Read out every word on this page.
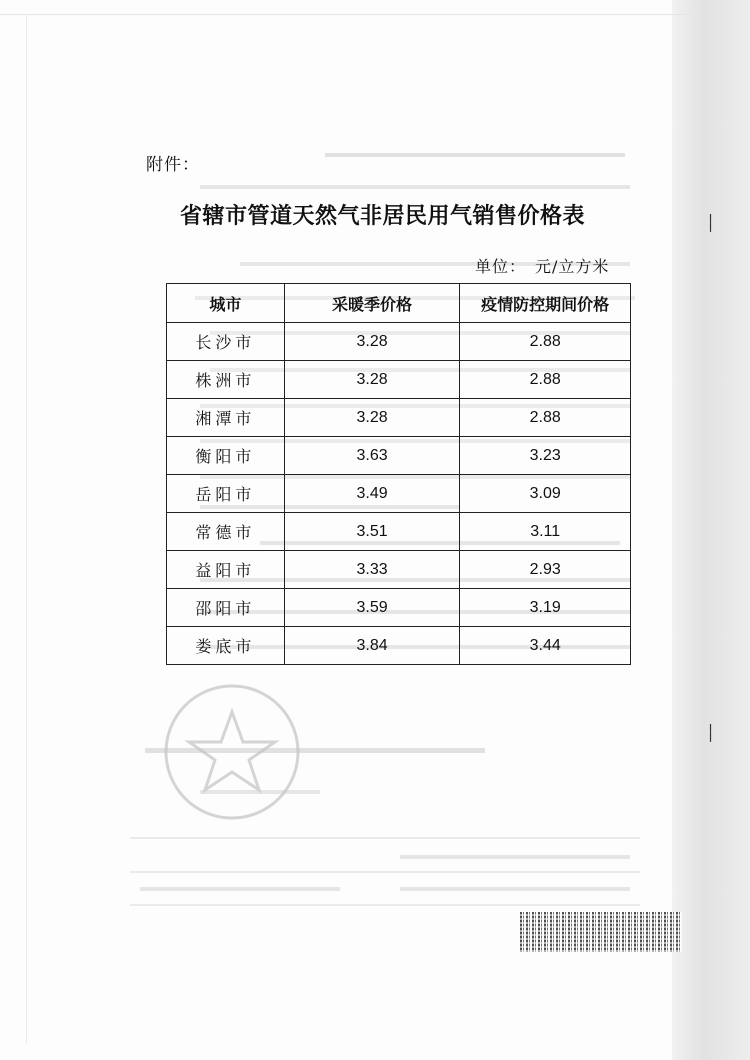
附件：
省辖市管道天然气非居民用气销售价格表
单位：　元/立方米
城市	采暖季价格	疫情防控期间价格
长沙市	3.28	2.88
株洲市	3.28	2.88
湘潭市	3.28	2.88
衡阳市	3.63	3.23
岳阳市	3.49	3.09
常德市	3.51	3.11
益阳市	3.33	2.93
邵阳市	3.59	3.19
娄底市	3.84	3.44
╷
╵
╷
╵
